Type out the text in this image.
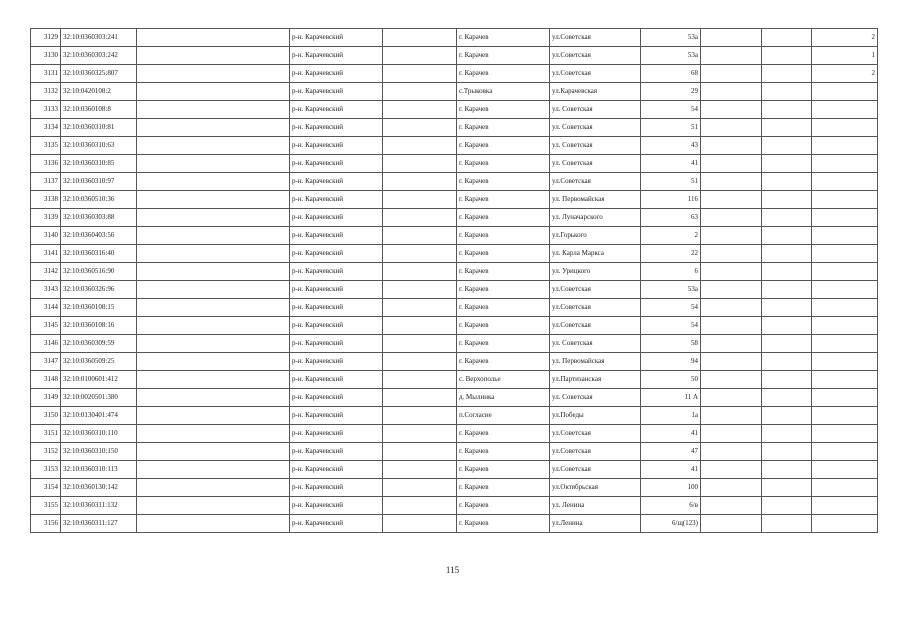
3129	32:10:0360303:241		р-н. Карачевский		г. Карачев	ул.Советская	53а			2
3130	32:10:0360303:242		р-н. Карачевский		г. Карачев	ул.Советская	53а			1
3131	32:10:0360325:807		р-н. Карачевский		г. Карачев	ул.Советская	68			2
3132	32:10:0420108:2		р-н. Карачевский		с.Трыковка	ул.Карачевская	29			
3133	32:10:0360108:8		р-н. Карачевский		г. Карачев	ул. Советская	54			
3134	32:10:0360310:81		р-н. Карачевский		г. Карачев	ул. Советская	51			
3135	32:10:0360310:63		р-н. Карачевский		г. Карачев	ул. Советская	43			
3136	32:10:0360310:85		р-н. Карачевский		г. Карачев	ул. Советская	41			
3137	32:10:0360310:97		р-н. Карачевский		г. Карачев	ул.Советская	51			
3138	32:10:0360510:36		р-н. Карачевский		г. Карачев	ул. Первомайская	116			
3139	32:10:0360303:88		р-н. Карачевский		г. Карачев	ул. Луначарского	63			
3140	32:10:0360403:56		р-н. Карачевский		г. Карачев	ул.Горького	2			
3141	32:10:0360316:40		р-н. Карачевский		г. Карачев	ул. Карла Маркса	22			
3142	32:10:0360516:90		р-н. Карачевский		г. Карачев	ул. Урицкого	6			
3143	32:10:0360326:96		р-н. Карачевский		г. Карачев	ул.Советская	53а			
3144	32:10:0360108:15		р-н. Карачевский		г. Карачев	ул.Советская	54			
3145	32:10:0360108:16		р-н. Карачевский		г. Карачев	ул.Советская	54			
3146	32:10:0360309:59		р-н. Карачевский		г. Карачев	ул. Советская	58			
3147	32:10:0360509:25		р-н. Карачевский		г. Карачев	ул. Первомайская	94			
3148	32:10:0100601:412		р-н. Карачевский		с. Верхополье	ул.Партизанская	50			
3149	32:10:0020501:380		р-н. Карачевский		д. Мылинка	ул. Советская	11 А			
3150	32:10:0130401:474		р-н. Карачевский		п.Согласие	ул.Победы	1а			
3151	32:10:0360310:110		р-н. Карачевский		г. Карачев	ул.Советская	41			
3152	32:10:0360310:150		р-н. Карачевский		г. Карачев	ул.Советская	47			
3153	32:10:0360310:113		р-н. Карачевский		г. Карачев	ул.Советская	41			
3154	32:10:0360130:142		р-н. Карачевский		г. Карачев	ул.Октябрьская	100			
3155	32:10:0360311:132		р-н. Карачевский		г. Карачев	ул. Ленина	6/в			
3156	32:10:0360311:127		р-н. Карачевский		г. Карачев	ул.Ленина	6/щ(123)			
115
